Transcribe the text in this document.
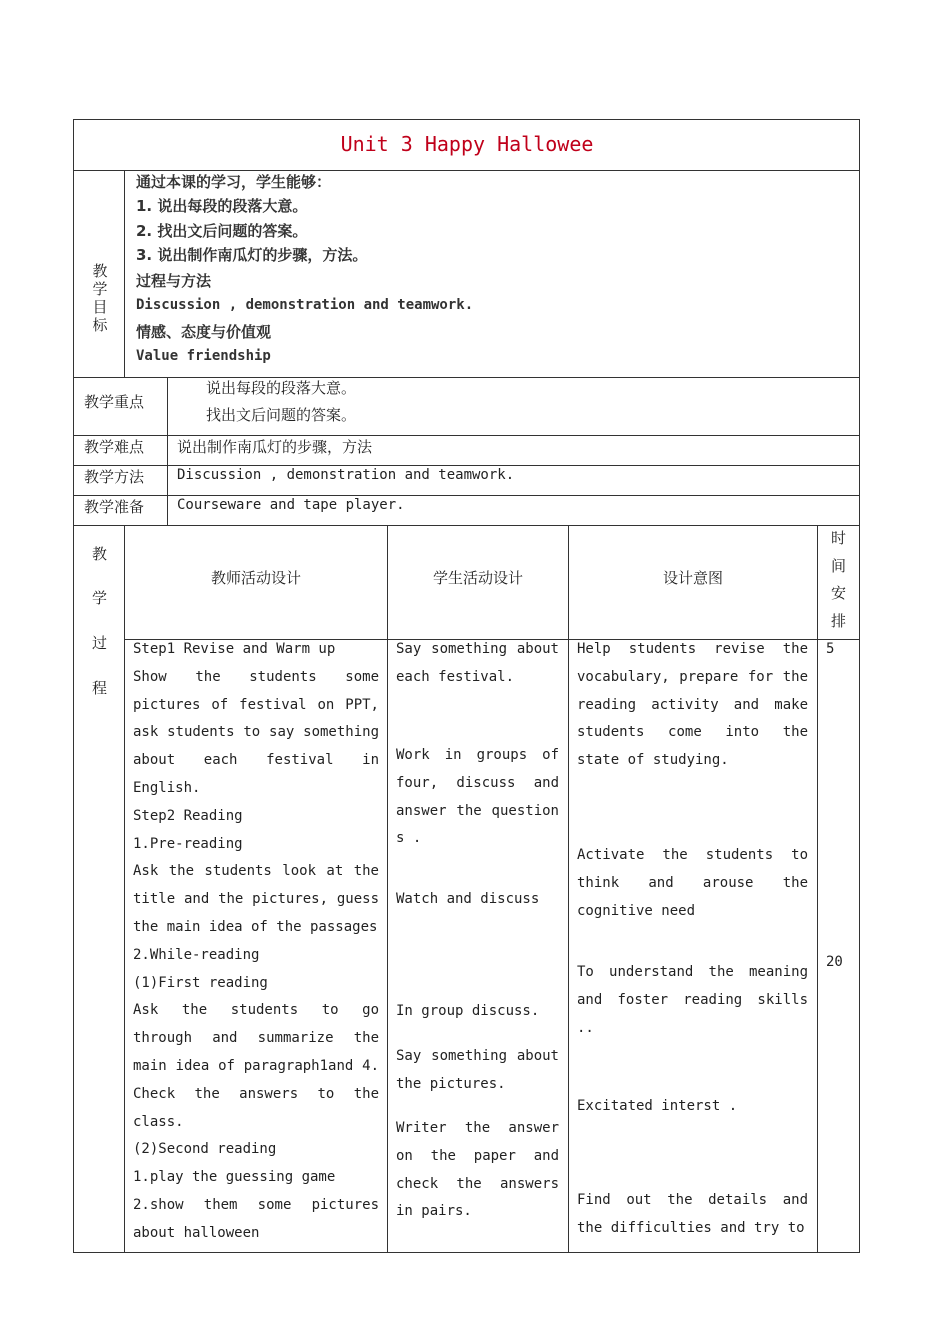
Unit 3 Happy Hallowee
教学目标
通过本课的学习，学生能够：
1. 说出每段的段落大意。
2. 找出文后问题的答案。
3. 说出制作南瓜灯的步骤，方法。
过程与方法
Discussion , demonstration and teamwork.
情感、态度与价值观
Value friendship
教学重点
说出每段的段落大意。
找出文后问题的答案。
教学难点 说出制作南瓜灯的步骤，方法
教学方法 Discussion , demonstration and teamwork.
教学准备 Courseware and tape player.
教
学
过
程
教师活动设计	学生活动设计	设计意图
时
间
安
排

Step1 Revise and Warm up

Show the students some pictures of festival on PPT, ask students to say something about each festival in English.

Step2 Reading

1.Pre-reading

Ask the students look at the title and the pictures, guess the main idea of the passages

2.While-reading

(1)First reading

Ask the students to go through and summarize the main idea of paragraph1and 4. Check the answers to the class.

(2)Second reading

1.play the guessing game

2.show them some pictures about halloween

Say something about each festival.
Work in groups of four, discuss and answer the question s .
Watch and discuss
In group discuss.
Say something about the pictures.
Writer the answer on the paper and check the answers in pairs.
Help students revise the vocabulary, prepare for the reading activity and make students come into the state of studying.
Activate the students to think and arouse the cognitive need
To understand the meaning and foster reading skills ..
Excitated interst .
Find out the details and the difficulties and try to
5
20
